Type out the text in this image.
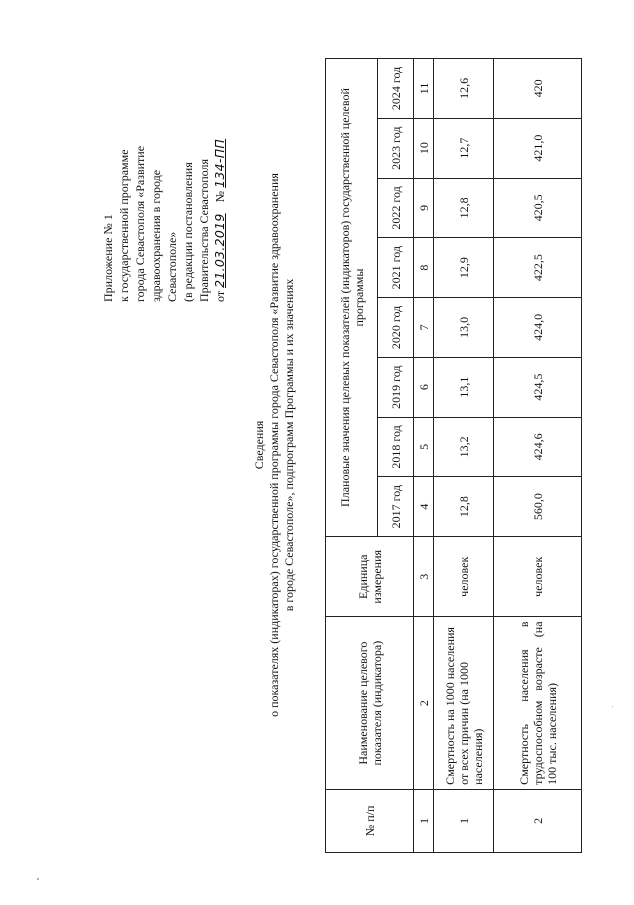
Приложение № 1 к государственной программе города Севастополя «Развитие здравоохранения в городе Севастополе» (в редакции постановления Правительства Севастополя от 21.03.2019 № 134-ПП
Сведения о показателях (индикаторах) государственной программы города Севастополя «Развитие здравоохранения в городе Севастополе», подпрограмм Программы и их значениях
№ п/п	Наименование целевого показателя (индикатора)	Единица измерения	Плановые значения целевых показателей (индикаторов) государственной целевой программы							
			2017 год	2018 год	2019 год	2020 год	2021 год	2022 год	2023 год	2024 год
1	2	3	4	5	6	7	8	9	10	11
1	Смертность на 1000 населения от всех причин (на 1000 населения)	человек	12,8	13,2	13,1	13,0	12,9	12,8	12,7	12,6
2	Смертность населения в трудоспособном возрасте (на 100 тыс. населения)	человек	560,0	424,6	424,5	424,0	422,5	420,5	421,0	420
